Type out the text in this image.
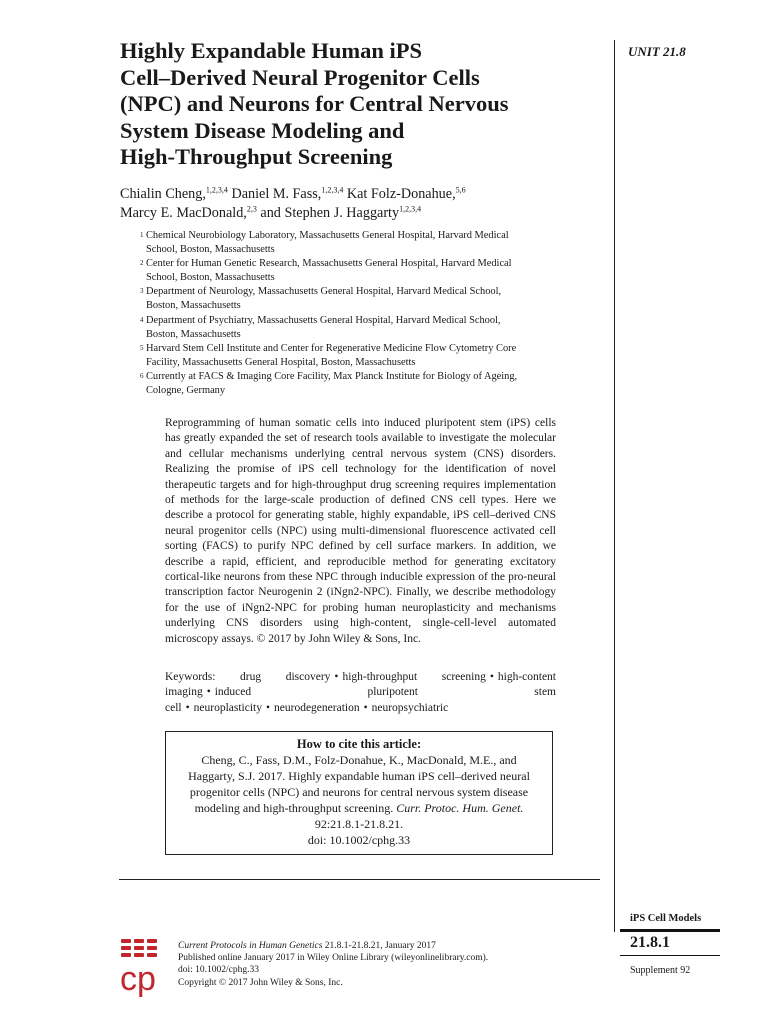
Highly Expandable Human iPS
Cell–Derived Neural Progenitor Cells
(NPC) and Neurons for Central Nervous
System Disease Modeling and
High-Throughput Screening
UNIT 21.8
Chialin Cheng,$^{1,2,3,4}$ Daniel M. Fass,$^{1,2,3,4}$ Kat Folz-Donahue,$^{5,6}$
Marcy E. MacDonald,$^{2,3}$ and Stephen J. Haggarty$^{1,2,3,4}$
1 Chemical Neurobiology Laboratory, Massachusetts General Hospital, Harvard Medical
School, Boston, Massachusetts
2 Center for Human Genetic Research, Massachusetts General Hospital, Harvard Medical
School, Boston, Massachusetts
3 Department of Neurology, Massachusetts General Hospital, Harvard Medical School,
Boston, Massachusetts
4 Department of Psychiatry, Massachusetts General Hospital, Harvard Medical School,
Boston, Massachusetts
5 Harvard Stem Cell Institute and Center for Regenerative Medicine Flow Cytometry Core
Facility, Massachusetts General Hospital, Boston, Massachusetts
6 Currently at FACS & Imaging Core Facility, Max Planck Institute for Biology of Ageing,
Cologne, Germany
Reprogramming of human somatic cells into induced pluripotent stem (iPS) cells has greatly expanded the set of research tools available to investigate the molecular and cellular mechanisms underlying central nervous system (CNS) disorders. Realizing the promise of iPS cell technology for the identification of novel therapeutic targets and for high-throughput drug screening requires implementation of methods for the large-scale production of defined CNS cell types. Here we describe a protocol for generating stable, highly expandable, iPS cell–derived CNS neural progenitor cells (NPC) using multi-dimensional fluorescence activated cell sorting (FACS) to purify NPC defined by cell surface markers. In addition, we describe a rapid, efficient, and reproducible method for generating excitatory cortical-like neurons from these NPC through inducible expression of the pro-neural transcription factor Neurogenin 2 (iNgn2-NPC). Finally, we describe methodology for the use of iNgn2-NPC for probing human neuroplasticity and mechanisms underlying CNS disorders using high-content, single-cell-level automated microscopy assays. © 2017 by John Wiley & Sons, Inc.
Keywords: drug discovery • high-throughput screening • high-content imaging • induced pluripotent stem cell • neuroplasticity • neurodegeneration • neuropsychiatric
How to cite this article:
Cheng, C., Fass, D.M., Folz-Donahue, K., MacDonald, M.E., and Haggarty, S.J. 2017. Highly expandable human iPS cell–derived neural progenitor cells (NPC) and neurons for central nervous system disease modeling and high-throughput screening. Curr. Protoc. Hum. Genet. 92:21.8.1-21.8.21.
doi: 10.1002/cphg.33
iPS Cell Models
21.8.1
Supplement 92
cp
Current Protocols in Human Genetics 21.8.1-21.8.21, January 2017
Published online January 2017 in Wiley Online Library (wileyonlinelibrary.com).
doi: 10.1002/cphg.33
Copyright © 2017 John Wiley & Sons, Inc.
